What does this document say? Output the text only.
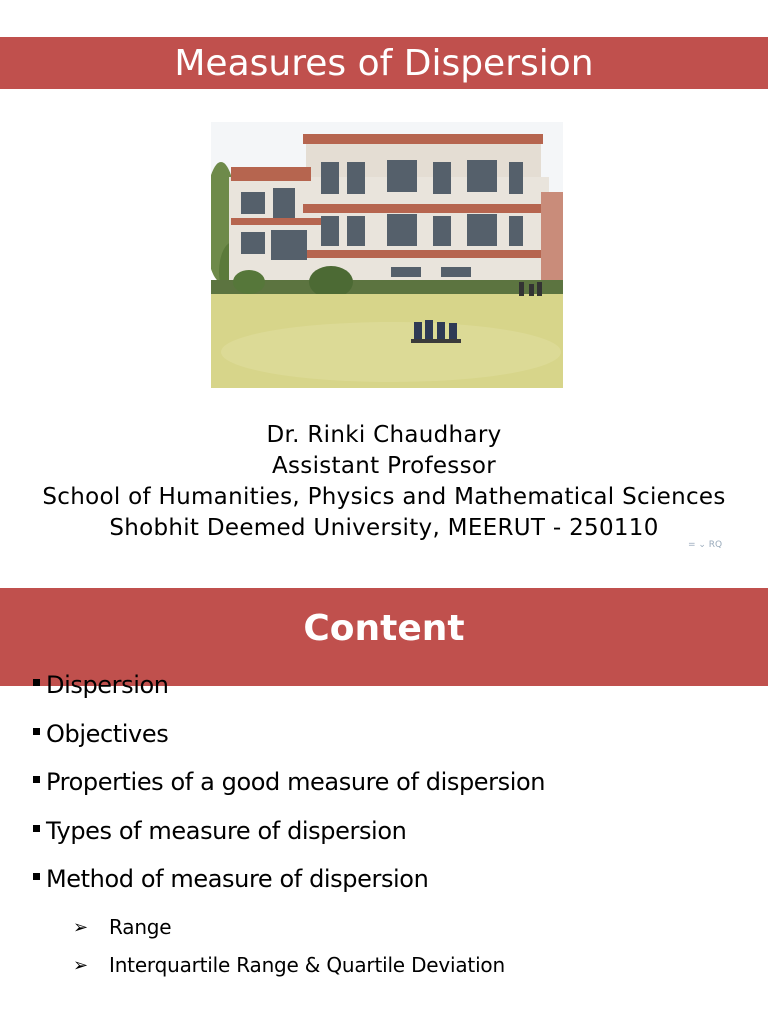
Measures of Dispersion
Dr. Rinki Chaudhary
Assistant Professor
School of Humanities, Physics and Mathematical Sciences
Shobhit Deemed University, MEERUT - 250110
= ⌄ RQ
Content
Dispersion
Objectives
Properties of a good measure of dispersion
Types of measure of dispersion
Method of measure of dispersion
➢	Range
➢	Interquartile Range & Quartile Deviation
